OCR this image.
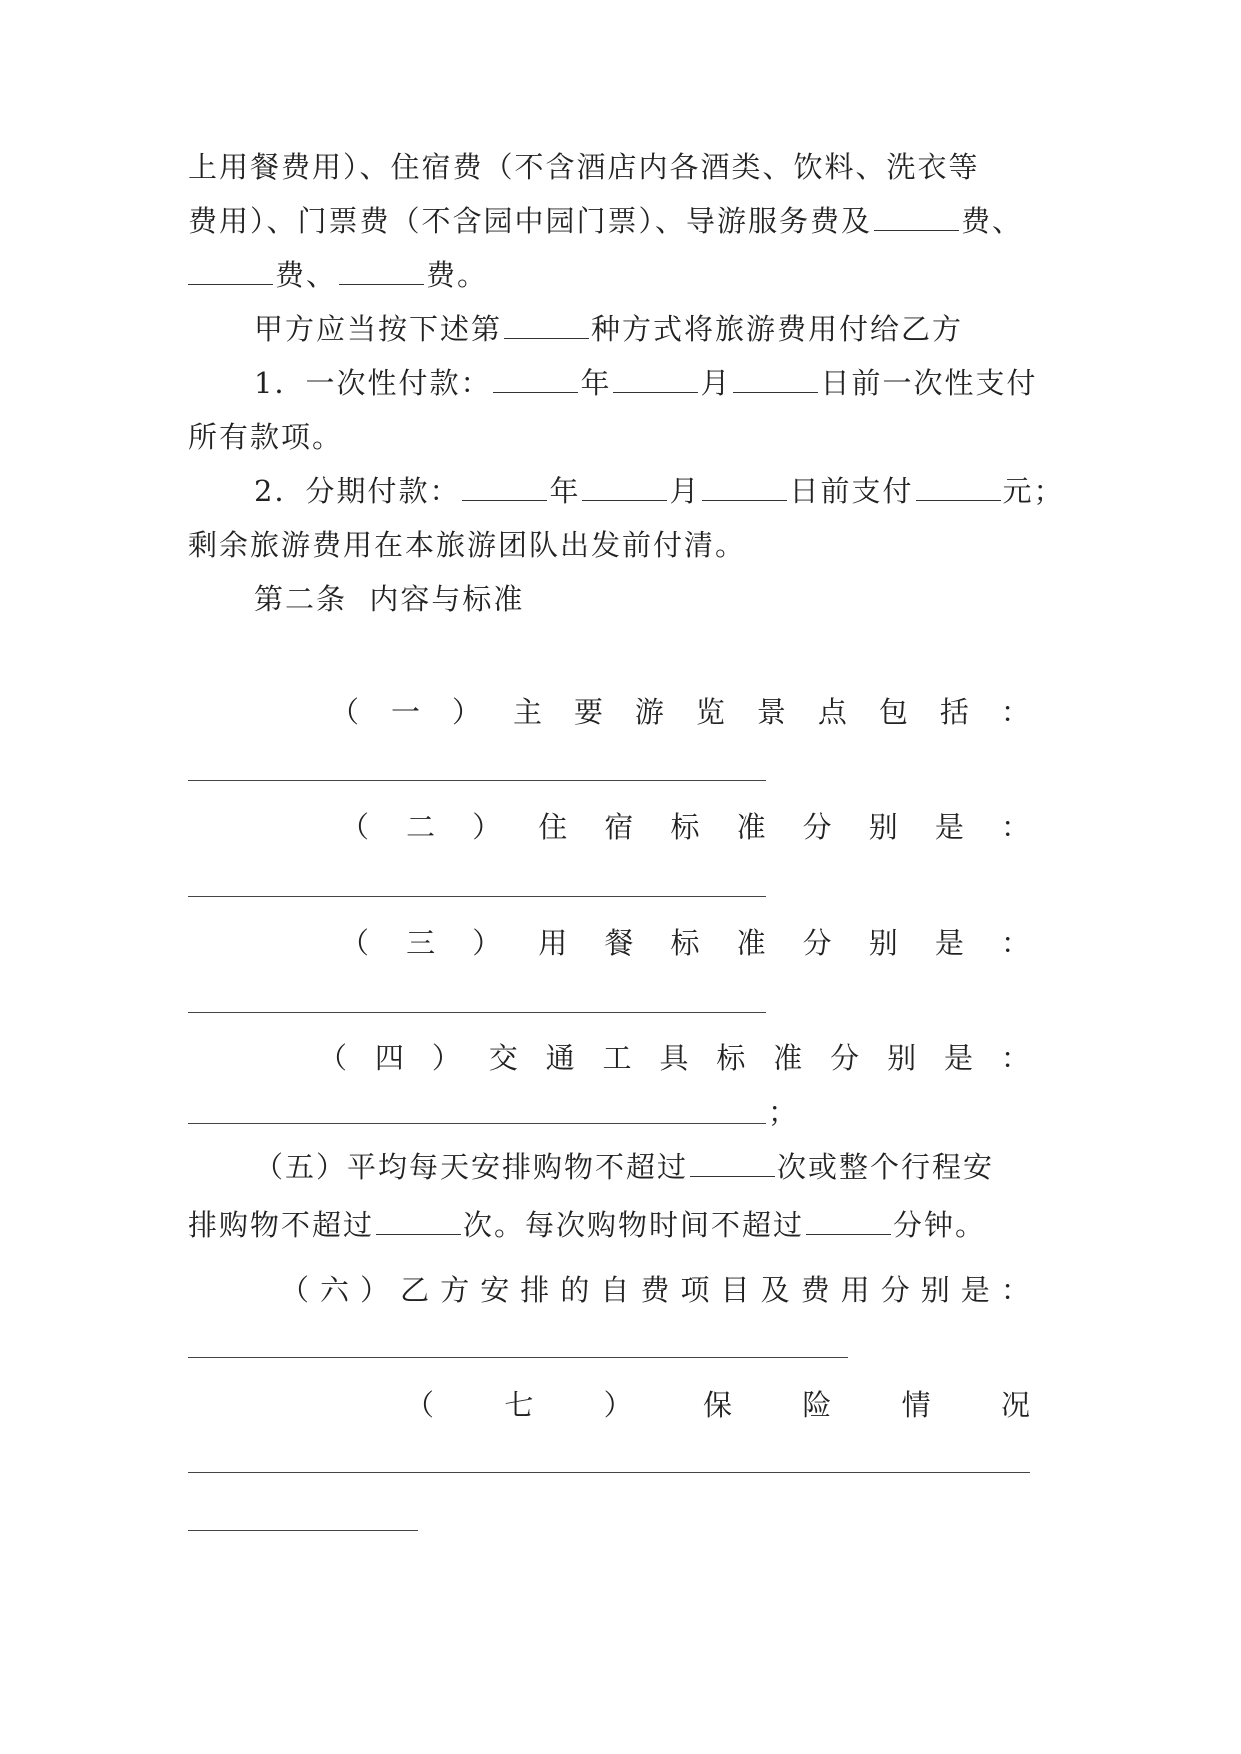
上用餐费用）、住宿费（不含酒店内各酒类、饮料、洗衣等
费用）、门票费（不含园中园门票）、导游服务费及	费、
费、	费。
甲方应当按下述第	种方式将旅游费用付给乙方
1．一次性付款：	年	月	日前一次性支付
所有款项。
2．分期付款：	年	月	日前支付	元；
剩余旅游费用在本旅游团队出发前付清。
第二条  内容与标准
（ 一 ） 主 要 游 览 景 点 包 括 ：
（ 二 ） 住 宿 标 准 分 别 是 ：
（ 三 ） 用 餐 标 准 分 别 是 ：
（ 四 ） 交 通 工 具 标 准 分 别 是 ：
；
（五）平均每天安排购物不超过	次或整个行程安
排购物不超过	次。每次购物时间不超过	分钟。
（ 六 ） 乙 方 安 排 的 自 费 项 目 及 费 用 分 别 是 ：
（ 七 ） 保 险 情 况
